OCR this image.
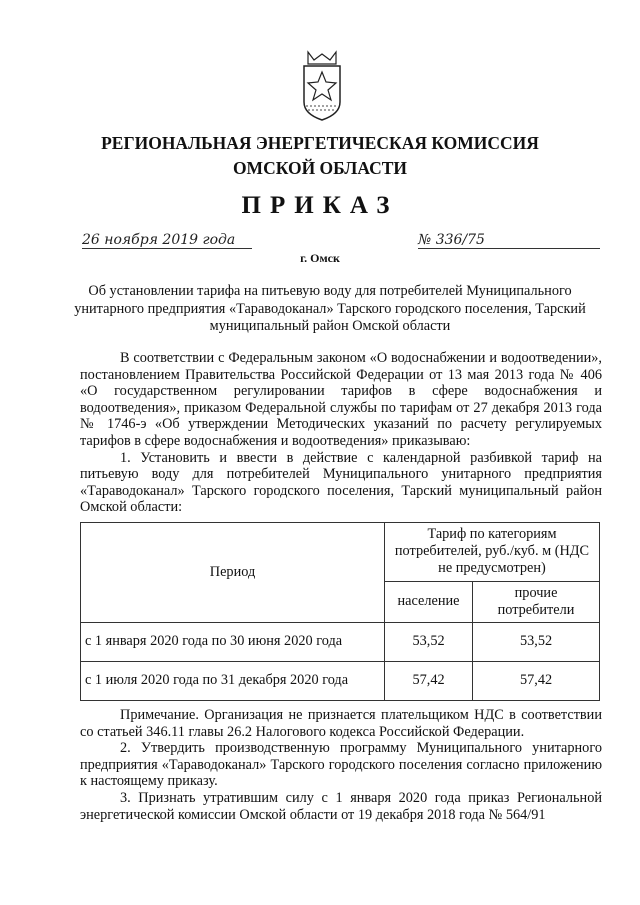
РЕГИОНАЛЬНАЯ ЭНЕРГЕТИЧЕСКАЯ КОМИССИЯ
ОМСКОЙ ОБЛАСТИ
ПРИКАЗ
26 ноября 2019 года	№ 336/75
г. Омск
Об установлении тарифа на питьевую воду для потребителей Муниципального унитарного предприятия «Тараводоканал» Тарского городского поселения, Тарский муниципальный район Омской области

В соответствии с Федеральным законом «О водоснабжении и водоотведении», постановлением Правительства Российской Федерации от 13 мая 2013 года № 406 «О государственном регулировании тарифов в сфере водоснабжения и водоотведения», приказом Федеральной службы по тарифам от 27 декабря 2013 года № 1746-э «Об утверждении Методических указаний по расчету регулируемых тарифов в сфере водоснабжения и водоотведения» приказываю:

1. Установить и ввести в действие с календарной разбивкой тариф на питьевую воду для потребителей Муниципального унитарного предприятия «Тараводоканал» Тарского городского поселения, Тарский муниципальный район Омской области:

Период	Тариф по категориям потребителей, руб./куб. м (НДС не предусмотрен)	
	население	прочие потребители
с 1 января 2020 года по 30 июня 2020 года	53,52	53,52
с 1 июля 2020 года по 31 декабря 2020 года	57,42	57,42

Примечание. Организация не признается плательщиком НДС в соответствии со статьей 346.11 главы 26.2 Налогового кодекса Российской Федерации.

2. Утвердить производственную программу Муниципального унитарного предприятия «Тараводоканал» Тарского городского поселения согласно приложению к настоящему приказу.

3. Признать утратившим силу с 1 января 2020 года приказ Региональной энергетической комиссии Омской области от 19 декабря 2018 года № 564/91
